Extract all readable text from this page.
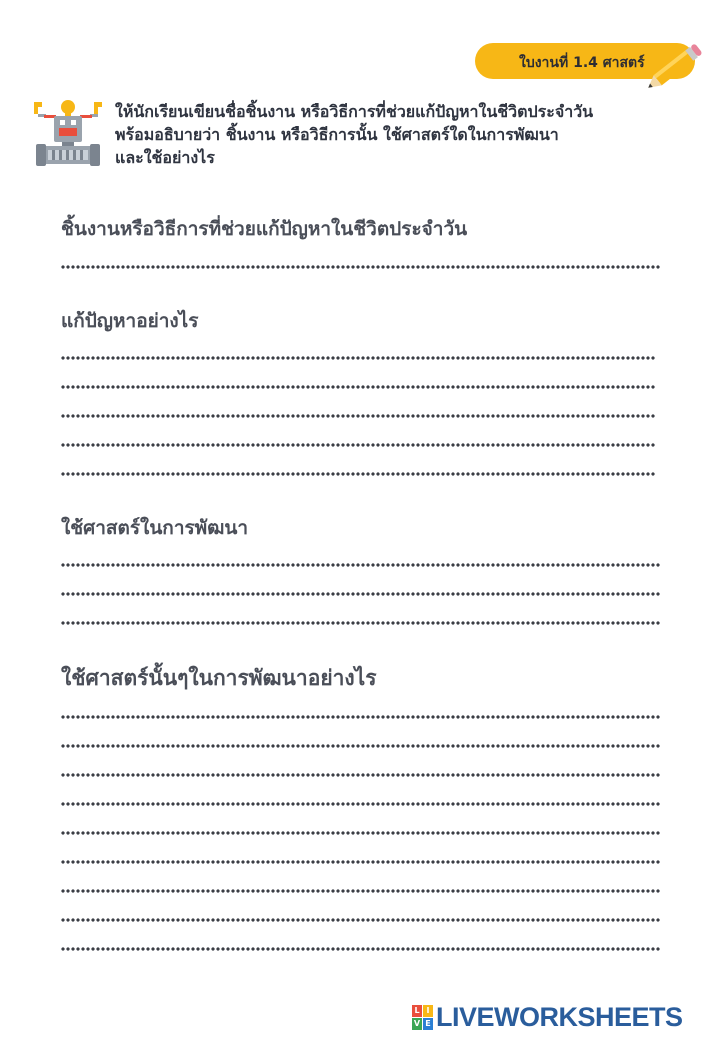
ใบงานที่ 1.4 ศาสตร์
ให้นักเรียนเขียนชื่อชิ้นงาน หรือวิธีการที่ช่วยแก้ปัญหาในชีวิตประจำวัน
พร้อมอธิบายว่า ชิ้นงาน หรือวิธีการนั้น ใช้ศาสตร์ใดในการพัฒนา
และใช้อย่างไร
ชิ้นงานหรือวิธีการที่ช่วยแก้ปัญหาในชีวิตประจำวัน
แก้ปัญหาอย่างไร
ใช้ศาสตร์ในการพัฒนา
ใช้ศาสตร์นั้นๆในการพัฒนาอย่างไร
L I
V E LIVEWORKSHEETS
